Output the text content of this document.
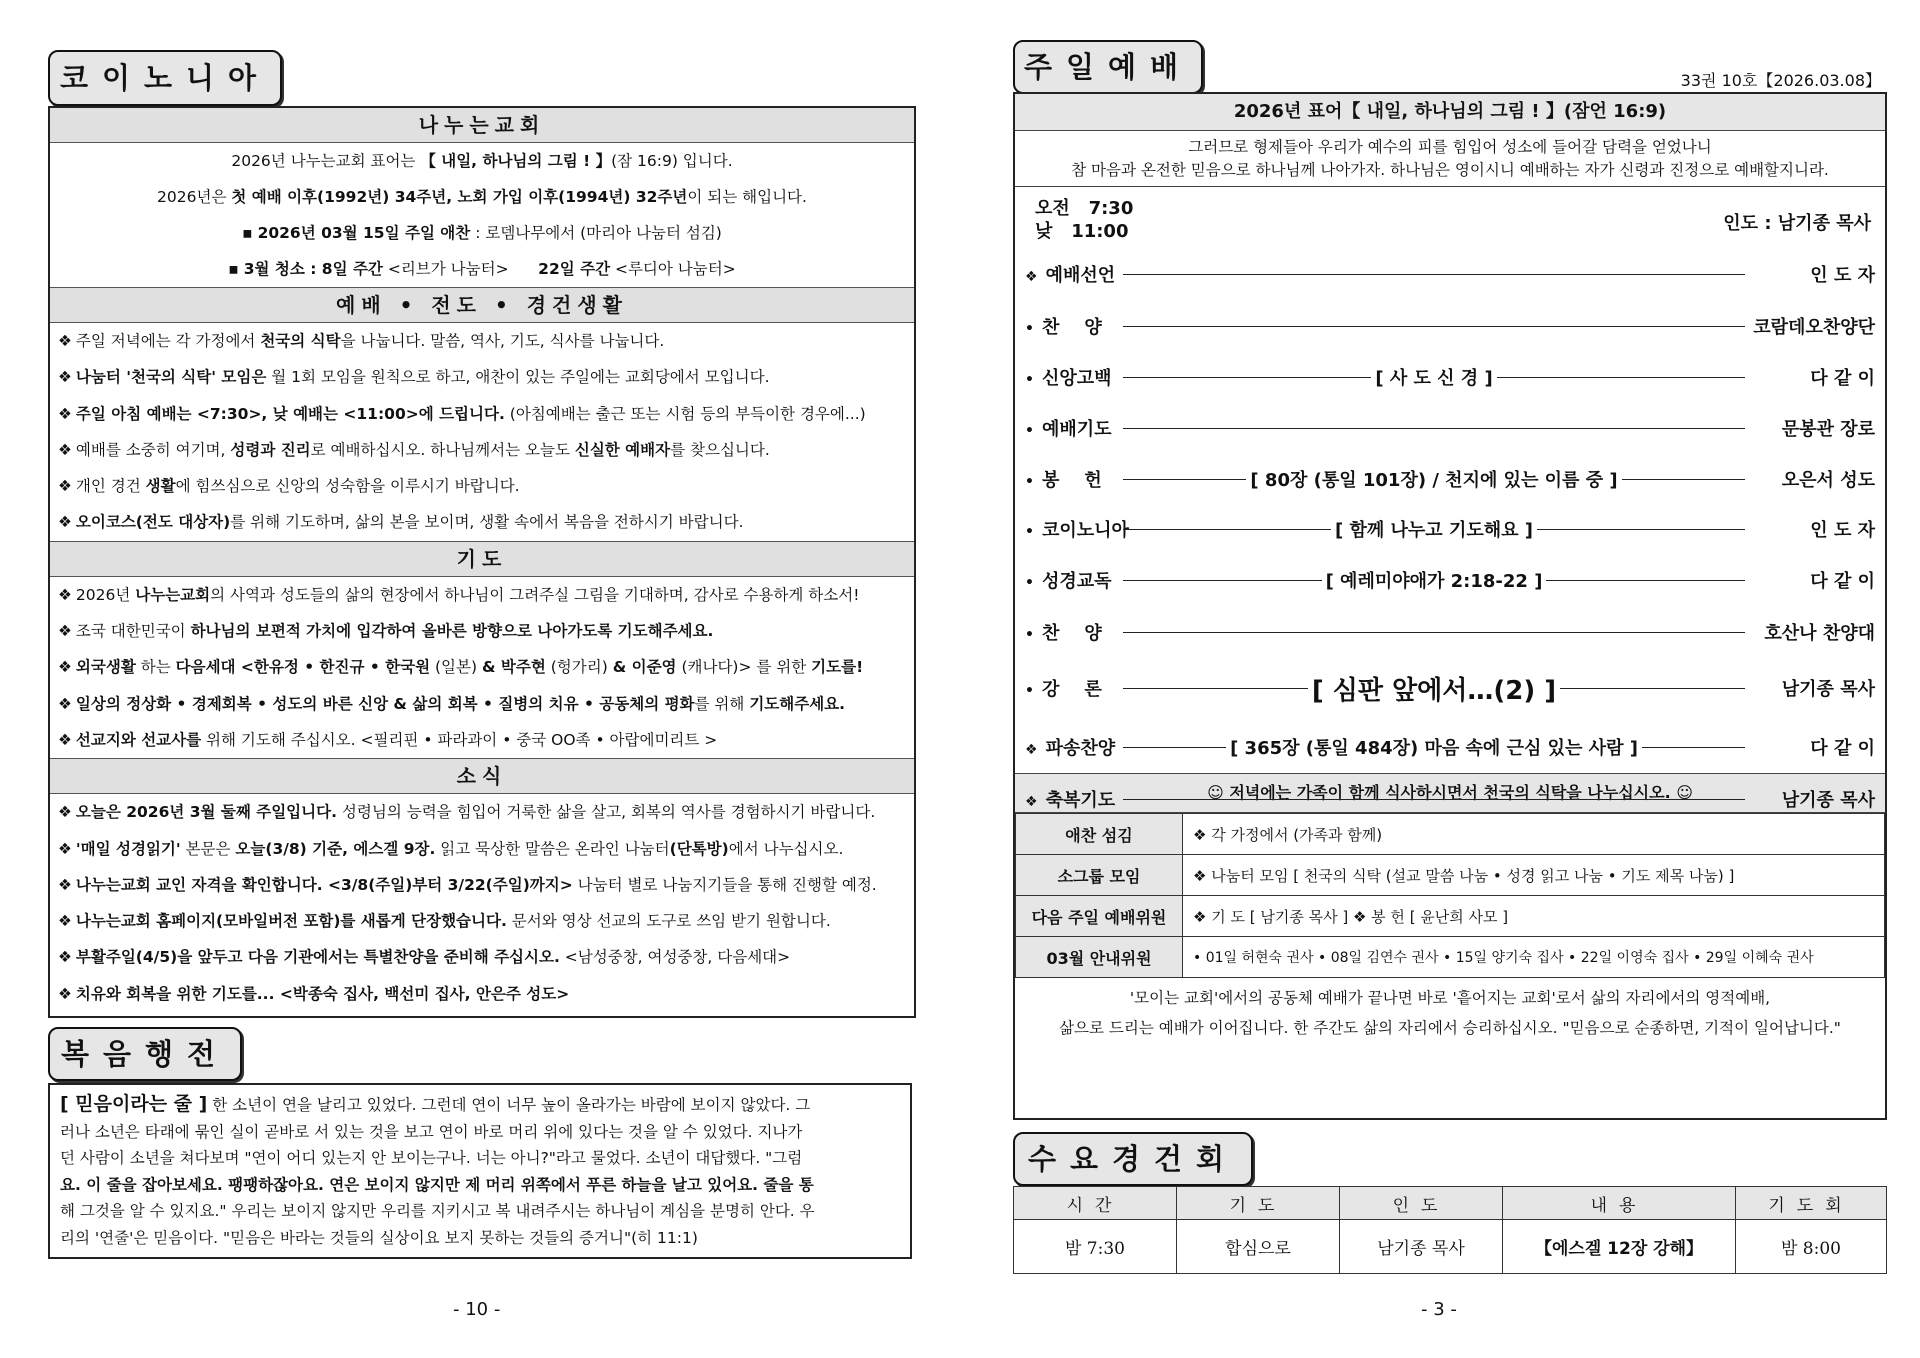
코이노니아
나누는교회
2026년 나누는교회 표어는 【 내일, 하나님의 그림 ! 】(잠 16:9) 입니다.
2026년은 첫 예배 이후(1992년) 34주년, 노회 가입 이후(1994년) 32주년이 되는 해입니다.
▪ 2026년 03월 15일 주일 애찬 : 로뎀나무에서 (마리아 나눔터 섬김)
▪ 3월 청소 : 8일 주간 <리브가 나눔터>      22일 주간 <루디아 나눔터>
예배 • 전도 • 경건생활
❖ 주일 저녁에는 각 가정에서 천국의 식탁을 나눕니다. 말씀, 역사, 기도, 식사를 나눕니다.
❖ 나눔터 '천국의 식탁' 모임은 월 1회 모임을 원칙으로 하고, 애찬이 있는 주일에는 교회당에서 모입니다.
❖ 주일 아침 예배는 <7:30>, 낮 예배는 <11:00>에 드립니다. (아침예배는 출근 또는 시험 등의 부득이한 경우에...)
❖ 예배를 소중히 여기며, 성령과 진리로 예배하십시오. 하나님께서는 오늘도 신실한 예배자를 찾으십니다.
❖ 개인 경건 생활에 힘쓰심으로 신앙의 성숙함을 이루시기 바랍니다.
❖ 오이코스(전도 대상자)를 위해 기도하며, 삶의 본을 보이며, 생활 속에서 복음을 전하시기 바랍니다.
기도
❖ 2026년 나누는교회의 사역과 성도들의 삶의 현장에서 하나님이 그려주실 그림을 기대하며, 감사로 수용하게 하소서!
❖ 조국 대한민국이 하나님의 보편적 가치에 입각하여 올바른 방향으로 나아가도록 기도해주세요.
❖ 외국생활 하는 다음세대 <한유정 • 한진규 • 한국원 (일본) & 박주현 (헝가리) & 이준영 (캐나다)> 를 위한 기도를!
❖ 일상의 정상화 • 경제회복 • 성도의 바른 신앙 & 삶의 회복 • 질병의 치유 • 공동체의 평화를 위해 기도해주세요.
❖ 선교지와 선교사를 위해 기도해 주십시오. <필리핀 • 파라과이 • 중국 OO족 • 아랍에미리트 >
소식
❖ 오늘은 2026년 3월 둘째 주일입니다. 성령님의 능력을 힘입어 거룩한 삶을 살고, 회복의 역사를 경험하시기 바랍니다.
❖ '매일 성경읽기' 본문은 오늘(3/8) 기준, 에스겔 9장. 읽고 묵상한 말씀은 온라인 나눔터(단톡방)에서 나누십시오.
❖ 나누는교회 교인 자격을 확인합니다. <3/8(주일)부터 3/22(주일)까지> 나눔터 별로 나눔지기들을 통해 진행할 예정.
❖ 나누는교회 홈페이지(모바일버전 포함)를 새롭게 단장했습니다. 문서와 영상 선교의 도구로 쓰임 받기 원합니다.
❖ 부활주일(4/5)을 앞두고 다음 기관에서는 특별찬양을 준비해 주십시오. <남성중창, 여성중창, 다음세대>
❖ 치유와 회복을 위한 기도를... <박종숙 집사, 백선미 집사, 안은주 성도>
복음행전
[ 믿음이라는 줄 ] 한 소년이 연을 날리고 있었다. 그런데 연이 너무 높이 올라가는 바람에 보이지 않았다. 그
러나 소년은 타래에 묶인 실이 곧바로 서 있는 것을 보고 연이 바로 머리 위에 있다는 것을 알 수 있었다. 지나가
던 사람이 소년을 쳐다보며 "연이 어디 있는지 안 보이는구나. 너는 아니?"라고 물었다. 소년이 대답했다. "그럼
요. 이 줄을 잡아보세요. 팽팽하잖아요. 연은 보이지 않지만 제 머리 위쪽에서 푸른 하늘을 날고 있어요. 줄을 통
해 그것을 알 수 있지요." 우리는 보이지 않지만 우리를 지키시고 복 내려주시는 하나님이 계심을 분명히 안다. 우
리의 '연줄'은 믿음이다. "믿음은 바라는 것들의 실상이요 보지 못하는 것들의 증거니"(히 11:1)
- 10 -
주일예배	33권 10호【2026.03.08】
2026년 표어【 내일, 하나님의 그림 ! 】(잠언 16:9)
그러므로 형제들아 우리가 예수의 피를 힘입어 성소에 들어갈 담력을 얻었나니
참 마음과 온전한 믿음으로 하나님께 나아가자. 하나님은 영이시니 예배하는 자가 신령과 진정으로 예배할지니라.
오전   7:30
낮   11:00	인도 : 남기종 목사
❖ 예배선언	인 도 자
• 찬    양	코람데오찬양단
• 신앙고백	[ 사 도 신 경 ]	다 같 이
• 예배기도	문봉관 장로
• 봉    헌	[ 80장 (통일 101장) / 천지에 있는 이름 중 ]	오은서 성도
• 코이노니아	[ 함께 나누고 기도해요 ]	인 도 자
• 성경교독	[ 예레미야애가 2:18-22 ]	다 같 이
• 찬    양	호산나 찬양대
• 강    론	[ 심판 앞에서…(2) ]	남기종 목사
❖ 파송찬양	[ 365장 (통일 484장) 마음 속에 근심 있는 사람 ]	다 같 이
❖ 축복기도	남기종 목사
☺ 저녁에는 가족이 함께 식사하시면서 천국의 식탁을 나누십시오. ☺
애찬 섬김	❖ 각 가정에서 (가족과 함께)
소그룹 모임	❖ 나눔터 모임 [ 천국의 식탁 (설교 말씀 나눔 • 성경 읽고 나눔 • 기도 제목 나눔) ]
다음 주일 예배위원	❖ 기 도 [ 남기종 목사 ] ❖ 봉 헌 [ 윤난희 사모 ]
03월 안내위원	• 01일 허현숙 권사 • 08일 김연수 권사 • 15일 양기숙 집사 • 22일 이영숙 집사 • 29일 이혜숙 권사
'모이는 교회'에서의 공동체 예배가 끝나면 바로 '흩어지는 교회'로서 삶의 자리에서의 영적예배,
삶으로 드리는 예배가 이어집니다. 한 주간도 삶의 자리에서 승리하십시오. "믿음으로 순종하면, 기적이 일어납니다."
수요경건회
시간	기도	인도	내용	기도회
밤 7:30	합심으로	남기종 목사	【에스겔 12장 강해】	밤 8:00
- 3 -
